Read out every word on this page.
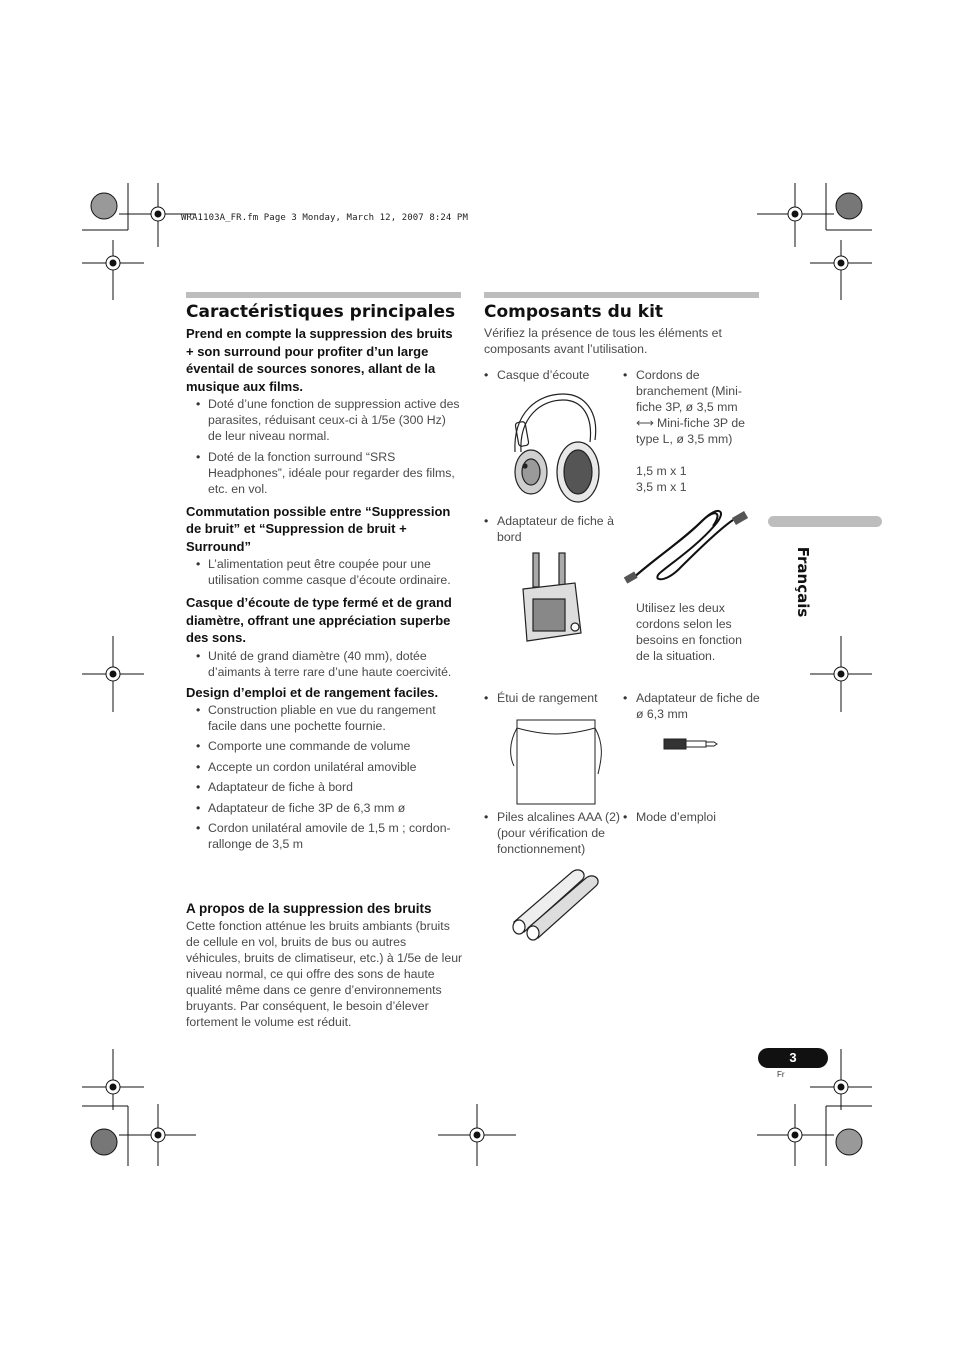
WRA1103A_FR.fm Page 3 Monday, March 12, 2007 8:24 PM
Caractéristiques principales
Prend en compte la suppression des bruits + son surround pour profiter d’un large éventail de sources sonores, allant de la musique aux films.
• Doté d’une fonction de suppression active des parasites, réduisant ceux-ci à 1/5e (300 Hz) de leur niveau normal.
• Doté de la fonction surround “SRS Headphones”, idéale pour regarder des films, etc. en vol.
Commutation possible entre “Suppression de bruit” et “Suppression de bruit + Surround”
• L’alimentation peut être coupée pour une utilisation comme casque d’écoute ordinaire.
Casque d’écoute de type fermé et de grand diamètre, offrant une appréciation superbe des sons.
• Unité de grand diamètre (40 mm), dotée d’aimants à terre rare d’une haute coercivité.
Design d’emploi et de rangement faciles.
• Construction pliable en vue du rangement facile dans une pochette fournie.
• Comporte une commande de volume
• Accepte un cordon unilatéral amovible
• Adaptateur de fiche à bord
• Adaptateur de fiche 3P de 6,3 mm ø
• Cordon unilatéral amovile de 1,5 m ; cordon-rallonge de 3,5 m
A propos de la suppression des bruits
Cette fonction atténue les bruits ambiants (bruits de cellule en vol, bruits de bus ou autres véhicules, bruits de climatiseur, etc.) à 1/5e de leur niveau normal, ce qui offre des sons de haute qualité même dans ce genre d’environnements bruyants. Par conséquent, le besoin d’élever fortement le volume est réduit.
Composants du kit
Vérifiez la présence de tous les éléments et composants avant l’utilisation.
• Casque d’écoute	• Cordons de branchement (Mini-fiche 3P, ø 3,5 mm ⟷ Mini-fiche 3P de type L, ø 3,5 mm)
1,5 m x 1
3,5 m x 1
• Adaptateur de fiche à bord
Utilisez les deux cordons selon les besoins en fonction de la situation.
• Étui de rangement	• Adaptateur de fiche de ø 6,3 mm
• Piles alcalines AAA (2) (pour vérification de fonctionnement)
• Mode d’emploi
Français
3
Fr
